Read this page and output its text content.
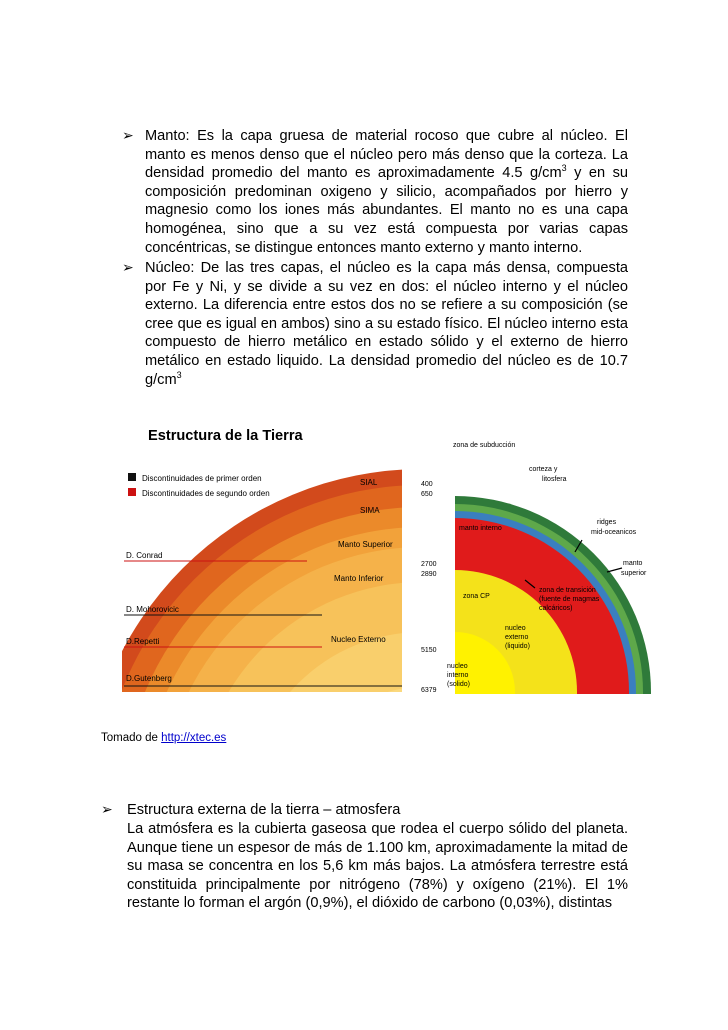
➢ Manto: Es la capa gruesa de material rocoso que cubre al núcleo. El manto es menos denso que el núcleo pero más denso que la corteza. La densidad promedio del manto es aproximadamente 4.5 $g/cm^3$ y en su composición predominan oxigeno y silicio, acompañados por hierro y magnesio como los iones más abundantes. El manto no es una capa homogénea, sino que a su vez está compuesta por varias capas concéntricas, se distingue entonces manto externo y manto interno.
➢ Núcleo: De las tres capas, el núcleo es la capa más densa, compuesta por Fe y Ni, y se divide a su vez en dos: el núcleo interno y el núcleo externo. La diferencia entre estos dos no se refiere a su composición (se cree que es igual en ambos) sino a su estado físico. El núcleo interno esta compuesto de hierro metálico en estado sólido y el externo de hierro metálico en estado liquido. La densidad promedio del núcleo es de 10.7 $g/cm^3$
Estructura de la Tierra
Discontinuidades de primer orden
Discontinuidades de segundo orden
SIAL
SIMA
Manto Superior
Manto Inferior
Nucleo Externo
D. Conrad
D. Mohorovicic
D.Repetti
D.Gutenberg
400
650
2700
2890
5150
6379
zona de subducción
corteza y
litosfera
manto interno
ridges
mid-oceanicos
manto
superior
zona CP
zona de transición
(fuente de magmas
calcáricos)
nucleo
externo
(liquido)
nucleo
interno
(solido)
Tomado de http://xtec.es
➢ Estructura externa de la tierra – atmosfera
La atmósfera es la cubierta gaseosa que rodea el cuerpo sólido del planeta. Aunque tiene un espesor de más de 1.100 km, aproximadamente la mitad de su masa se concentra en los 5,6 km más bajos. La atmósfera terrestre está constituida principalmente por nitrógeno (78%) y oxígeno (21%). El 1% restante lo forman el argón (0,9%), el dióxido de carbono (0,03%), distintas
